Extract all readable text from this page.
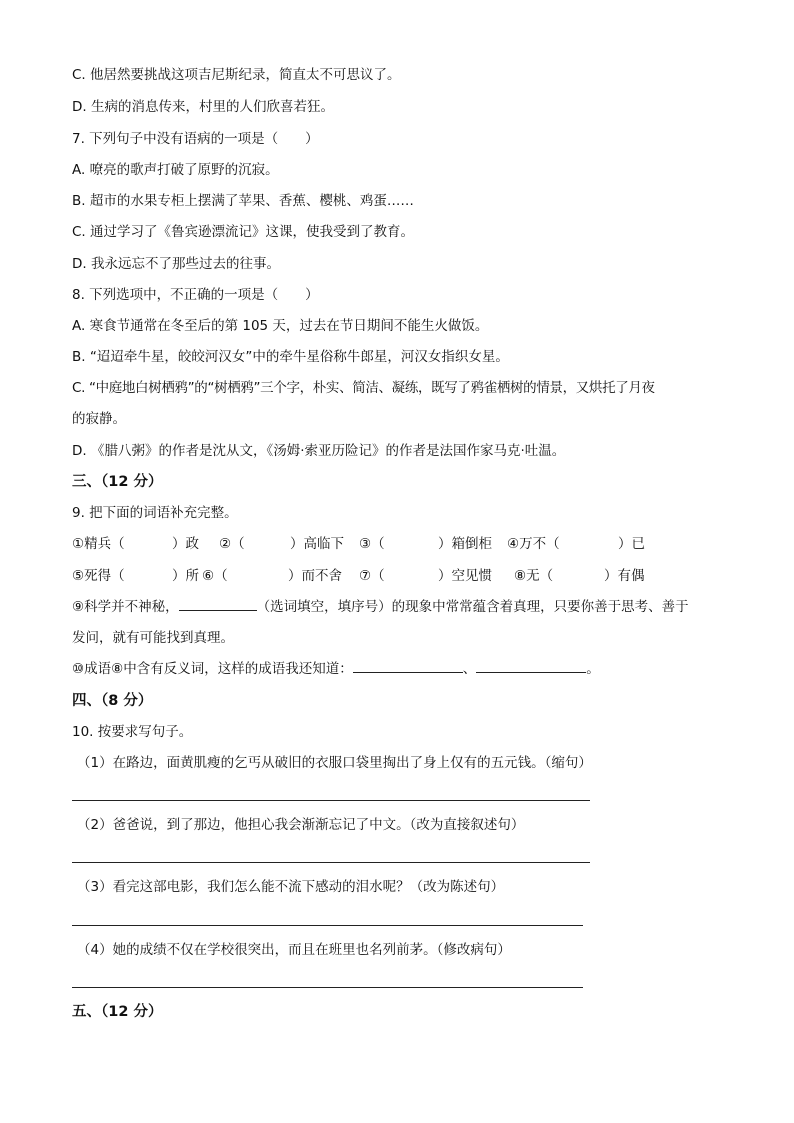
C. 他居然要挑战这项吉尼斯纪录，简直太不可思议了。
D. 生病的消息传来，村里的人们欣喜若狂。
7. 下列句子中没有语病的一项是（　　）
A. 嘹亮的歌声打破了原野的沉寂。
B. 超市的水果专柜上摆满了苹果、香蕉、樱桃、鸡蛋……
C. 通过学习了《鲁宾逊漂流记》这课，使我受到了教育。
D. 我永远忘不了那些过去的往事。
8. 下列选项中，不正确的一项是（　　）
A. 寒食节通常在冬至后的第 105 天，过去在节日期间不能生火做饭。
B. “迢迢牵牛星，皎皎河汉女”中的牵牛星俗称牛郎星，河汉女指织女星。
C. “中庭地白树栖鸦”的“树栖鸦”三个字，朴实、简洁、凝练，既写了鸦雀栖树的情景，又烘托了月夜
的寂静。
D. 《腊八粥》的作者是沈从文，《汤姆·索亚历险记》的作者是法国作家马克·吐温。
三、（12 分）
9. 把下面的词语补充完整。
①精兵（	）政 ②（	）高临下 ③（	）箱倒柜 ④万不（	）已
⑤死得（	）所 ⑥（	）而不舍 ⑦（	）空见惯 ⑧无（	）有偶
⑨科学并不神秘，	（选词填空，填序号）的现象中常常蕴含着真理，只要你善于思考、善于
发问，就有可能找到真理。
⑩成语⑧中含有反义词，这样的成语我还知道：	、	。
四、（8 分）
10. 按要求写句子。
（1）在路边，面黄肌瘦的乞丐从破旧的衣服口袋里掏出了身上仅有的五元钱。（缩句）
（2）爸爸说，到了那边，他担心我会渐渐忘记了中文。（改为直接叙述句）
（3）看完这部电影，我们怎么能不流下感动的泪水呢？（改为陈述句）
（4）她的成绩不仅在学校很突出，而且在班里也名列前茅。（修改病句）
五、（12 分）
